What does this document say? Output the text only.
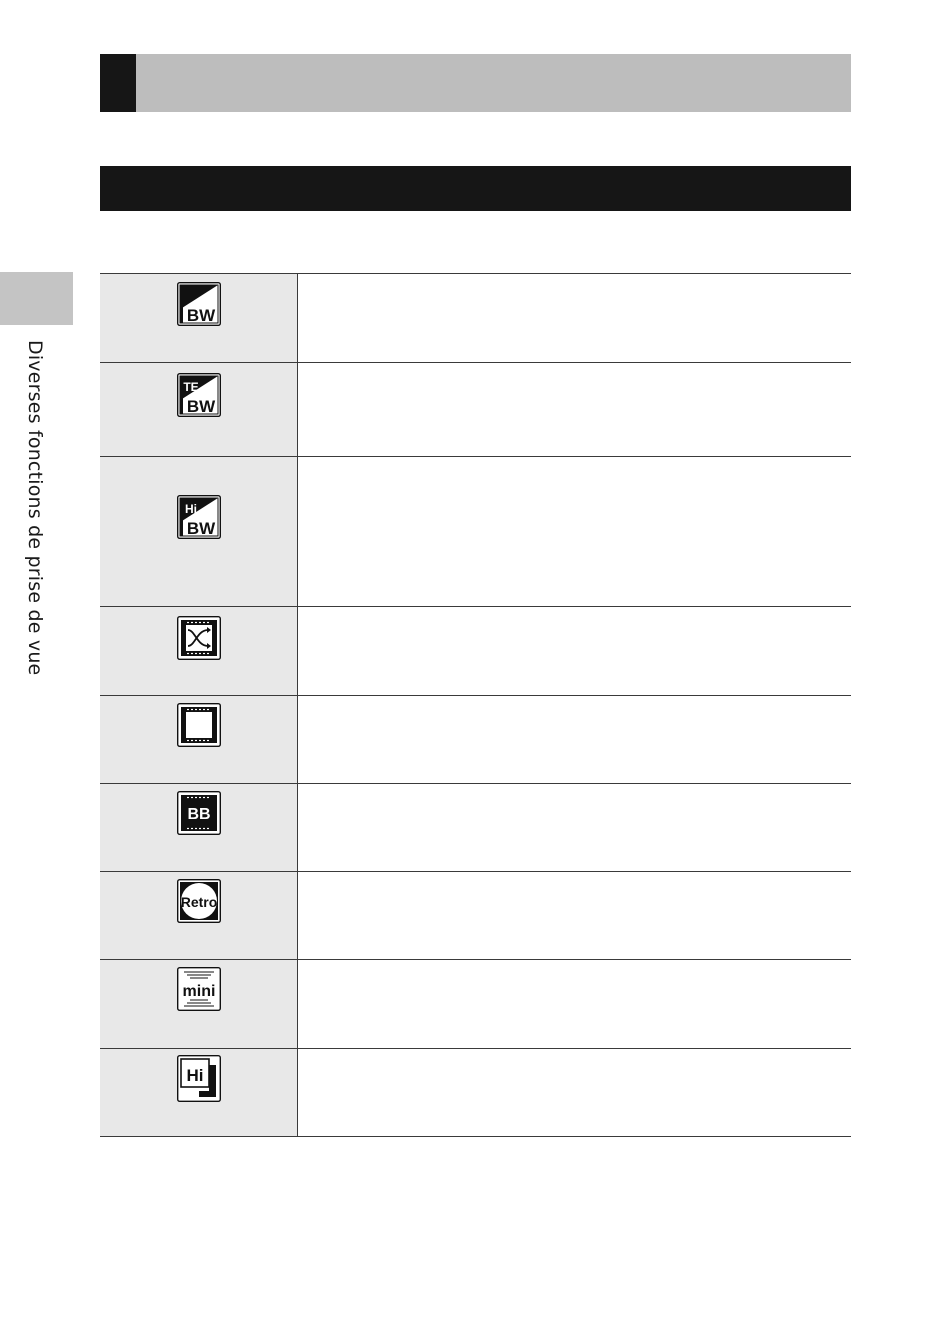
Diverses fonctions de prise de vue
BW
TE
BW
Hi
BW
BB
Retro
mini
Hi
